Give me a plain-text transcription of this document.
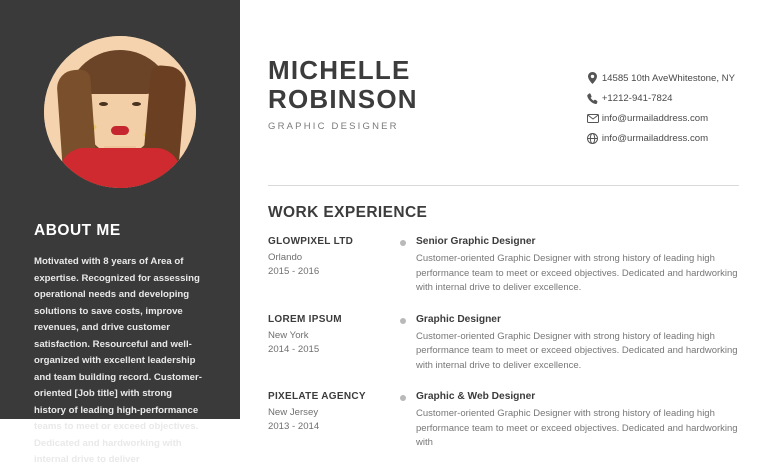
ABOUT ME
Motivated with 8 years of Area of expertise. Recognized for assessing operational needs and developing solutions to save costs, improve revenues, and drive customer satisfaction. Resourceful and well-organized with excellent leadership and team building record. Customer-oriented [Job title] with strong history of leading high-performance teams to meet or exceed objectives. Dedicated and hardworking with internal drive to deliver
MICHELLE
ROBINSON
GRAPHIC DESIGNER
14585 10th AveWhitestone, NY
+1212-941-7824
info@urmailaddress.com
info@urmailaddress.com
WORK EXPERIENCE
GLOWPIXEL LTD
Orlando
2015 - 2016
Senior Graphic Designer
Customer-oriented Graphic Designer with strong history of leading high performance team to meet or exceed objectives. Dedicated and hardworking with internal drive to deliver excellence.
LOREM IPSUM
New York
2014 - 2015
Graphic Designer
Customer-oriented Graphic Designer with strong history of leading high performance team to meet or exceed objectives. Dedicated and hardworking with internal drive to deliver excellence.
PIXELATE AGENCY
New Jersey
2013 - 2014
Graphic & Web Designer
Customer-oriented Graphic Designer with strong history of leading high performance team to meet or exceed objectives. Dedicated and hardworking with
